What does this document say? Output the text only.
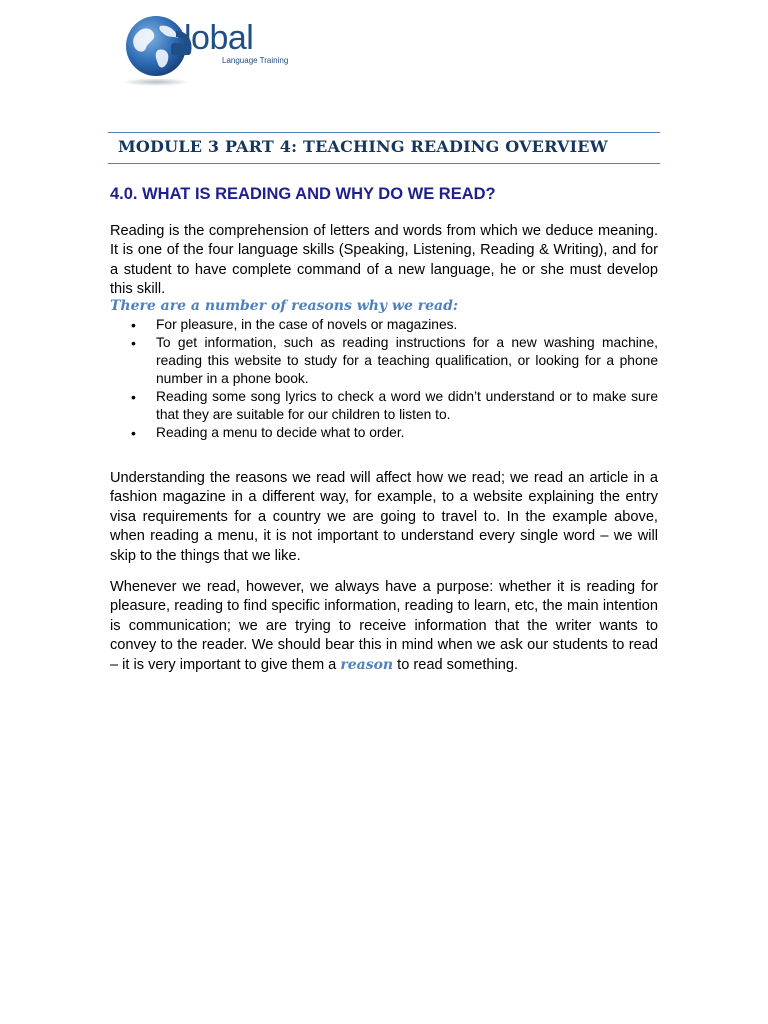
lobal
Language Training
MODULE 3 PART 4: TEACHING READING OVERVIEW
4.0. WHAT IS READING AND WHY DO WE READ?

Reading is the comprehension of letters and words from which we deduce meaning. It is one of the four language skills (Speaking, Listening, Reading & Writing), and for a student to have complete command of a new language, he or she must develop this skill.

There are a number of reasons why we read:
• For pleasure, in the case of novels or magazines.
• To get information, such as reading instructions for a new washing machine, reading this website to study for a teaching qualification, or looking for a phone number in a phone book.
• Reading some song lyrics to check a word we didn’t understand or to make sure that they are suitable for our children to listen to.
• Reading a menu to decide what to order.

Understanding the reasons we read will affect how we read; we read an article in a fashion magazine in a different way, for example, to a website explaining the entry visa requirements for a country we are going to travel to. In the example above, when reading a menu, it is not important to understand every single word – we will skip to the things that we like.

Whenever we read, however, we always have a purpose: whether it is reading for pleasure, reading to find specific information, reading to learn, etc, the main intention is communication; we are trying to receive information that the writer wants to convey to the reader. We should bear this in mind when we ask our students to read – it is very important to give them a reason to read something.
